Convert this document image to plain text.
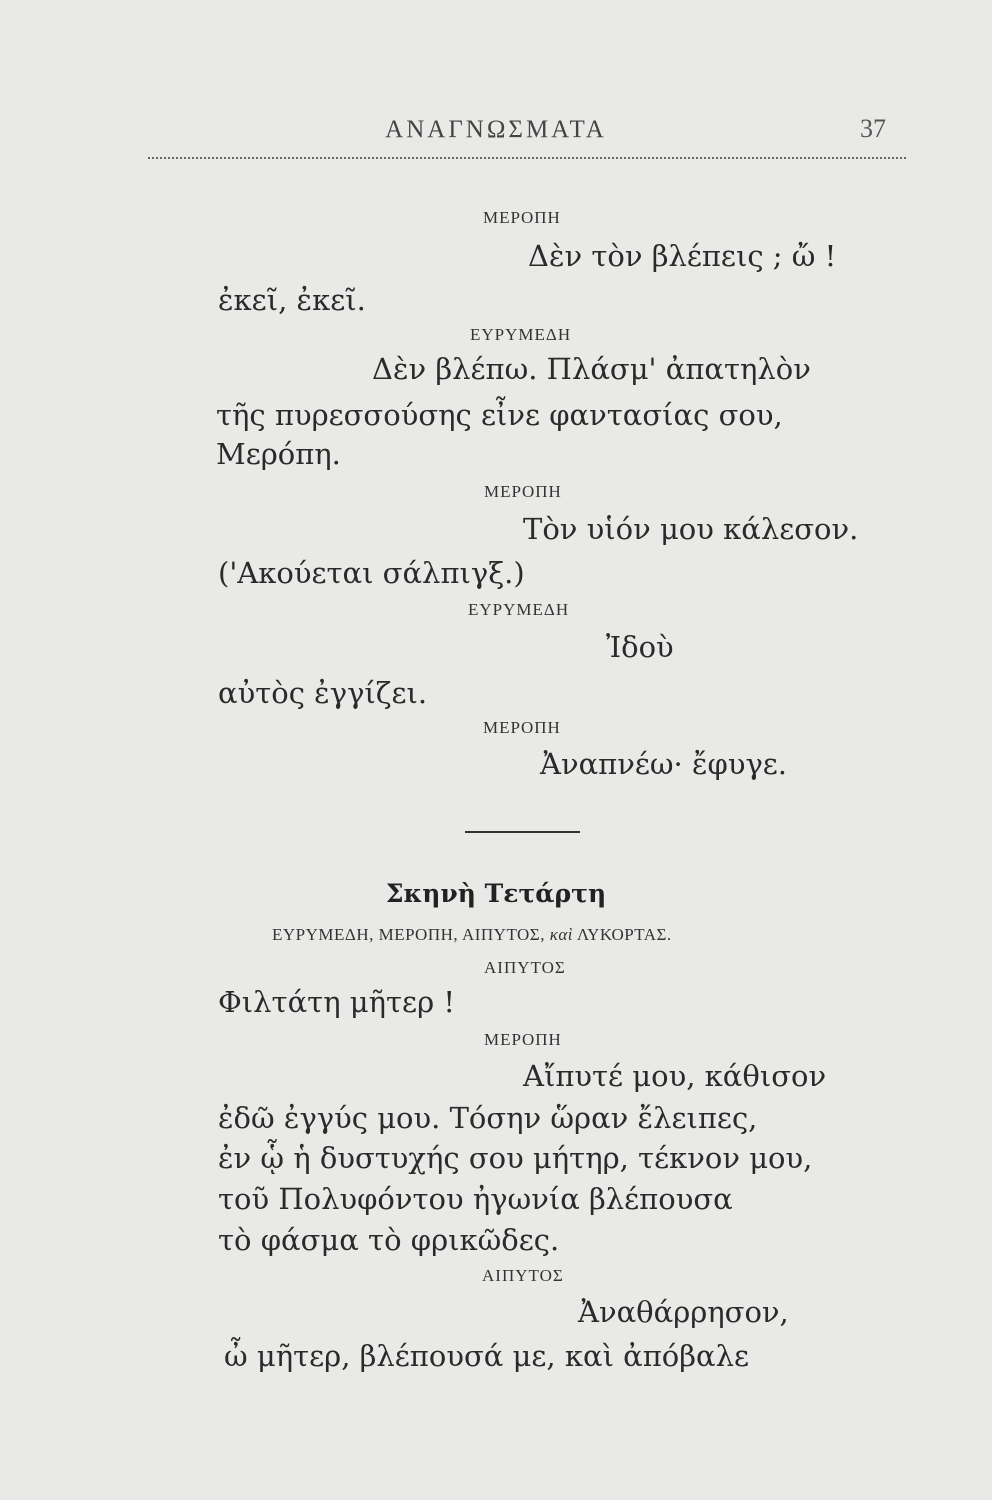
ΑΝΑΓΝΩΣΜΑΤΑ	37
ΜΕΡΟΠΗ
Δὲν τὸν βλέπεις ; ὤ !
ἐκεῖ, ἐκεῖ.
ΕΥΡΥΜΕΔΗ
Δὲν βλέπω. Πλάσμ' ἀπατηλὸν
τῆς πυρεσσούσης εἶνε φαντασίας σου,
Μερόπη.
ΜΕΡΟΠΗ
Τὸν υἱόν μου κάλεσον.
('Ακούεται σάλπιγξ.)
ΕΥΡΥΜΕΔΗ
Ἰδοὺ
αὐτὸς ἐγγίζει.
ΜΕΡΟΠΗ
Ἀναπνέω· ἔφυγε.
Σκηνὴ Τετάρτη
ΕΥΡΥΜΕΔΗ, ΜΕΡΟΠΗ, ΑΙΠΥΤΟΣ, καὶ ΛΥΚΟΡΤΑΣ.
ΑΙΠΥΤΟΣ
Φιλτάτη μῆτερ !
ΜΕΡΟΠΗ
Αἴπυτέ μου, κάθισον
ἐδῶ ἐγγύς μου. Τόσην ὥραν ἔλειπες,
ἐν ᾧ ἡ δυστυχής σου μήτηρ, τέκνον μου,
τοῦ Πολυφόντου ἠγωνία βλέπουσα
τὸ φάσμα τὸ φρικῶδες.
ΑΙΠΥΤΟΣ
Ἀναθάρρησον,
ὦ μῆτερ, βλέπουσά με, καὶ ἀπόβαλε
